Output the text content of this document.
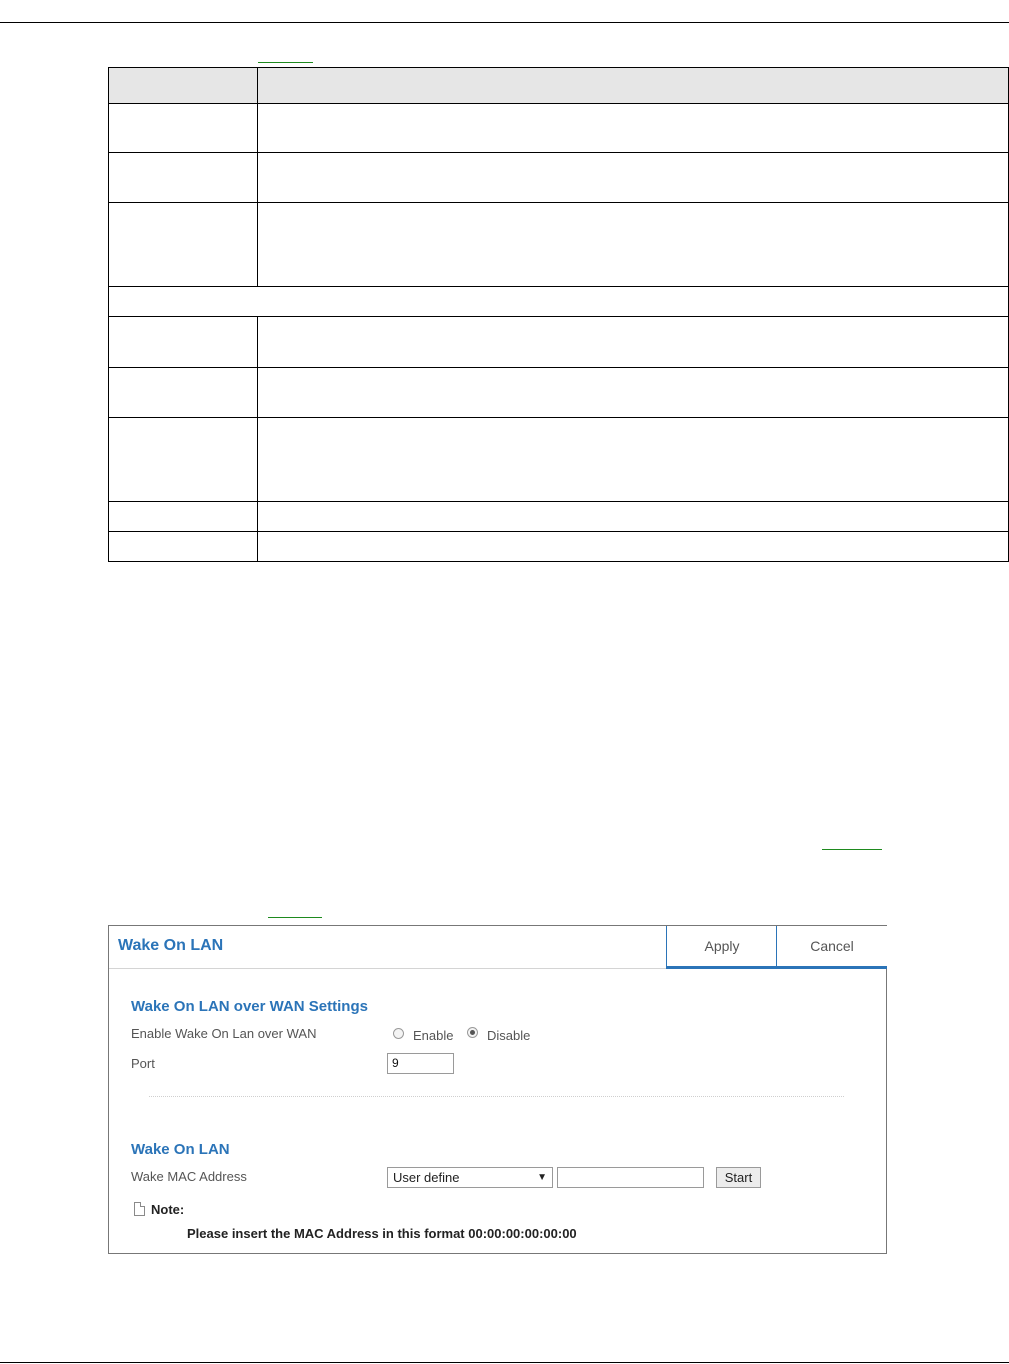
Wake On LAN	Apply	Cancel
Wake On LAN over WAN Settings
Enable Wake On Lan over WAN	Enable	Disable
Port	9
Wake On LAN
Wake MAC Address	User define	▼	Start
Note:
Please insert the MAC Address in this format 00:00:00:00:00:00
